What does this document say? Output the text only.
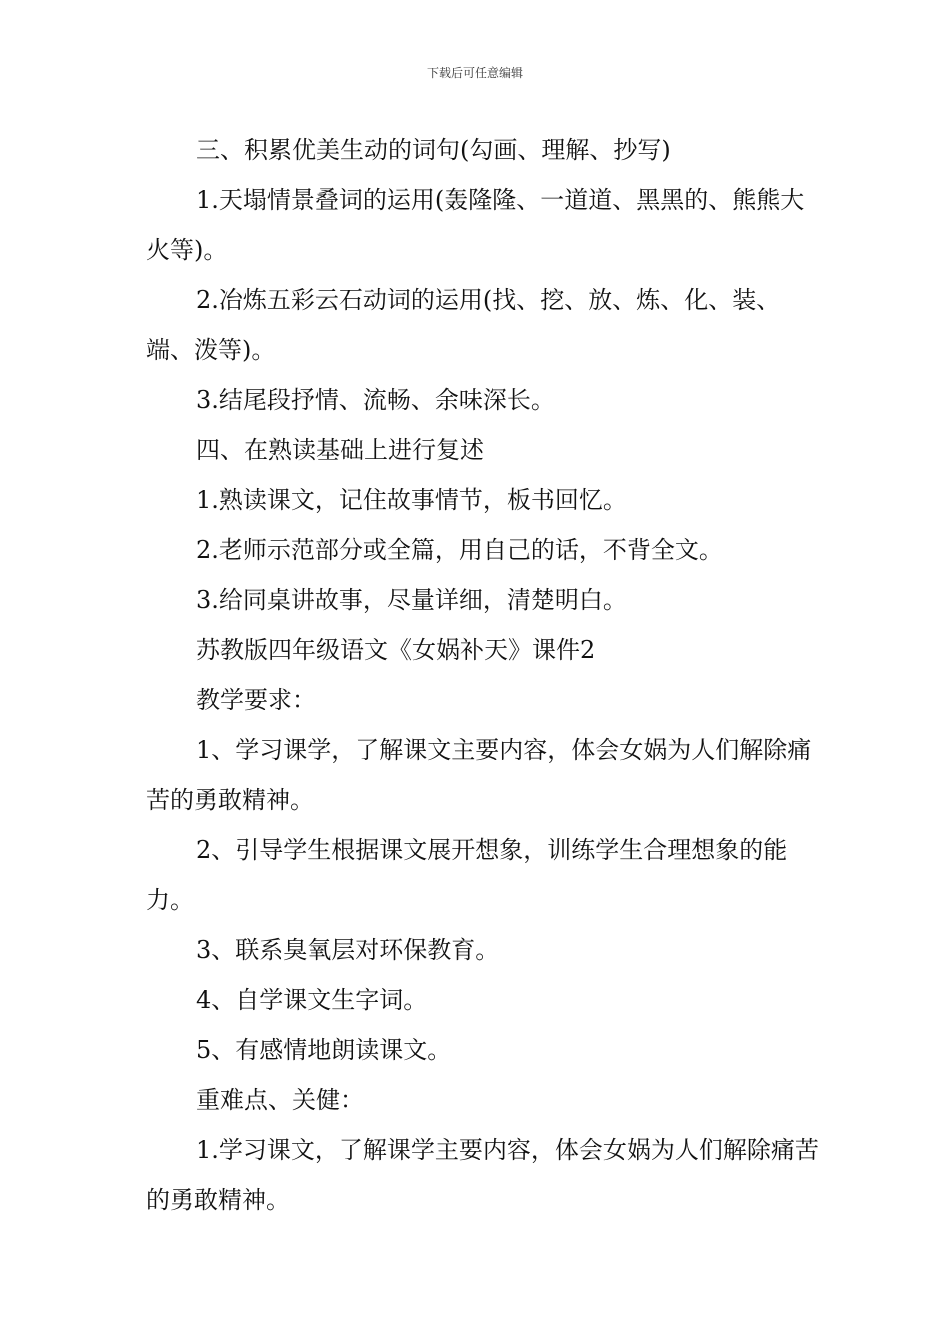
下载后可任意编辑

三、积累优美生动的词句(勾画、理解、抄写)

1.天塌情景叠词的运用(轰隆隆、一道道、黑黑的、熊熊大火等)。

2.冶炼五彩云石动词的运用(找、挖、放、炼、化、装、端、泼等)。

3.结尾段抒情、流畅、余味深长。

四、在熟读基础上进行复述

1.熟读课文，记住故事情节，板书回忆。

2.老师示范部分或全篇，用自己的话，不背全文。

3.给同桌讲故事，尽量详细，清楚明白。

苏教版四年级语文《女娲补天》课件2

教学要求：

1、学习课学，了解课文主要内容，体会女娲为人们解除痛苦的勇敢精神。

2、引导学生根据课文展开想象，训练学生合理想象的能力。

3、联系臭氧层对环保教育。

4、自学课文生字词。

5、有感情地朗读课文。

重难点、关健：

1.学习课文，了解课学主要内容，体会女娲为人们解除痛苦的勇敢精神。
